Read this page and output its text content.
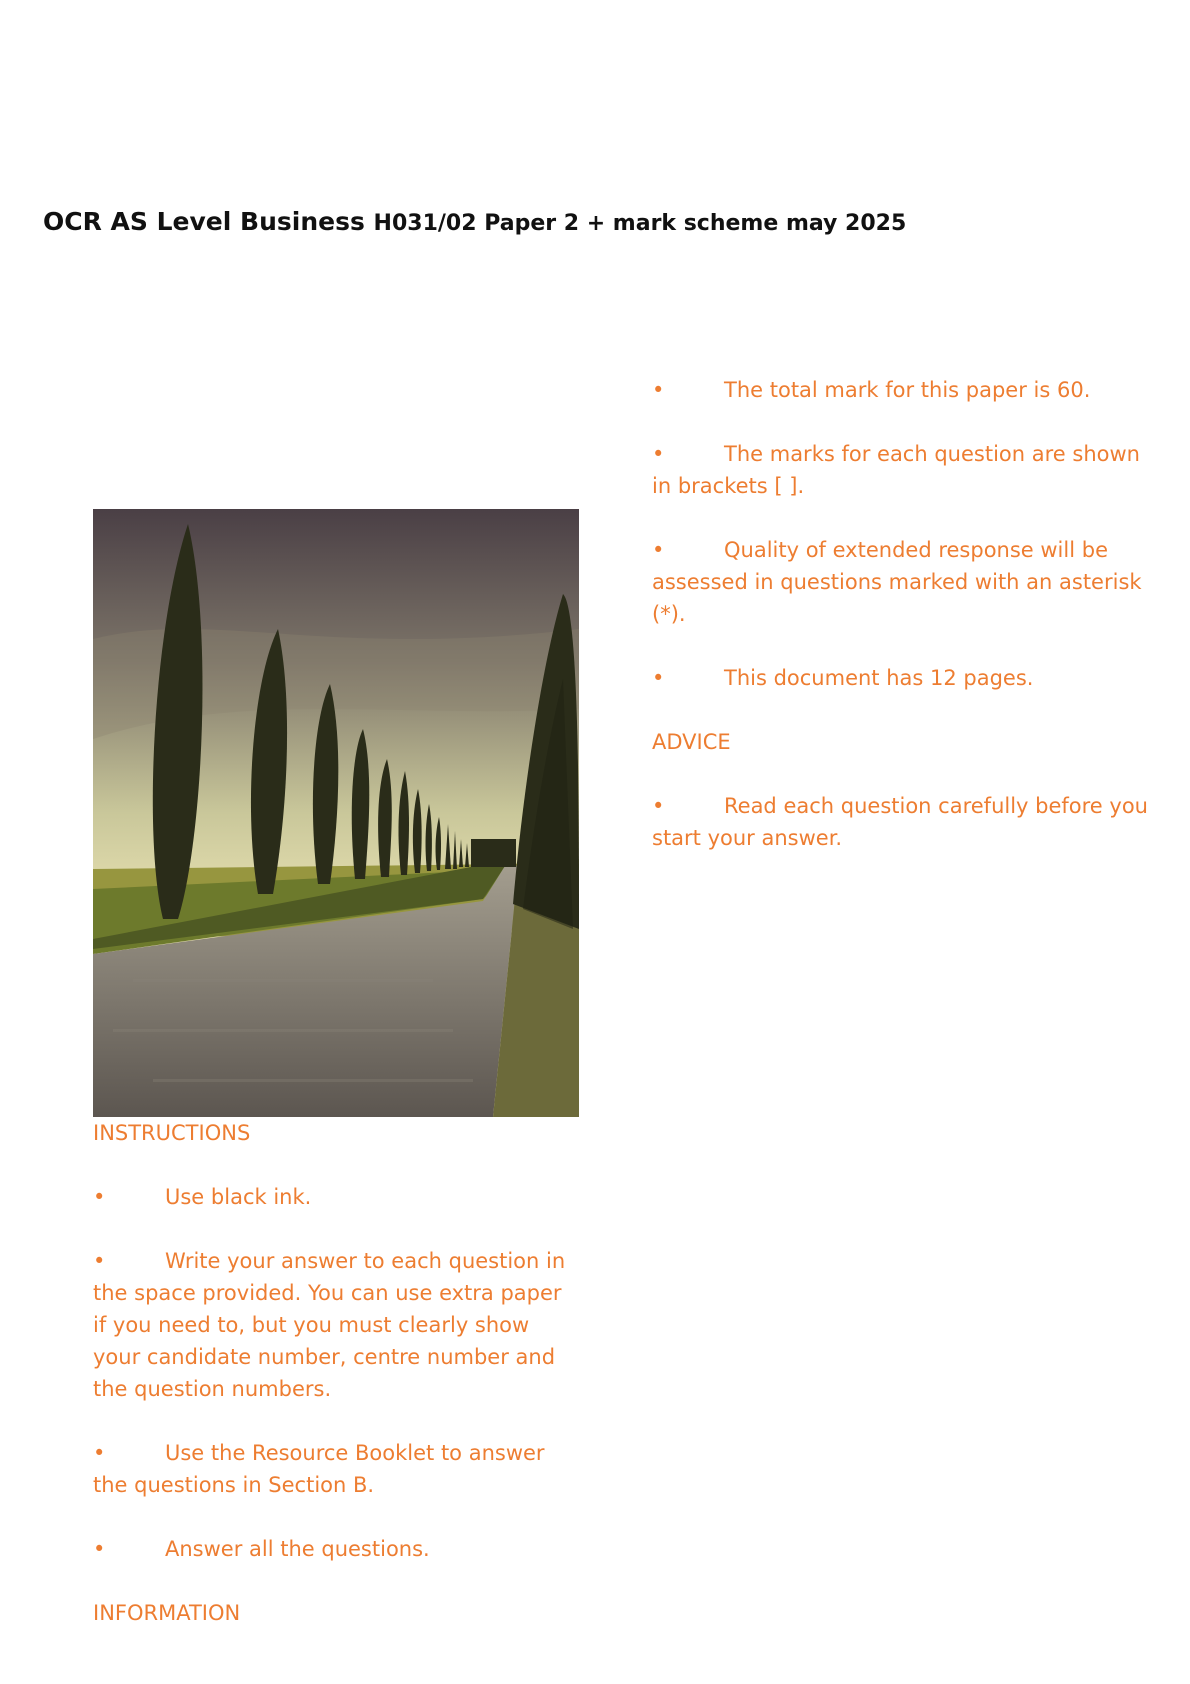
OCR AS Level Business H031/02 Paper 2 + mark scheme may 2025

INSTRUCTIONS

•	Use black ink.

•	Write your answer to each question in the space provided. You can use extra paper if you need to, but you must clearly show your candidate number, centre number and the question numbers.

•	Use the Resource Booklet to answer the questions in Section B.

•	Answer all the questions.

INFORMATION

•	The total mark for this paper is 60.

•	The marks for each question are shown in brackets [ ].

•	Quality of extended response will be assessed in questions marked with an asterisk (*).

•	This document has 12 pages.

ADVICE

•	Read each question carefully before you start your answer.
